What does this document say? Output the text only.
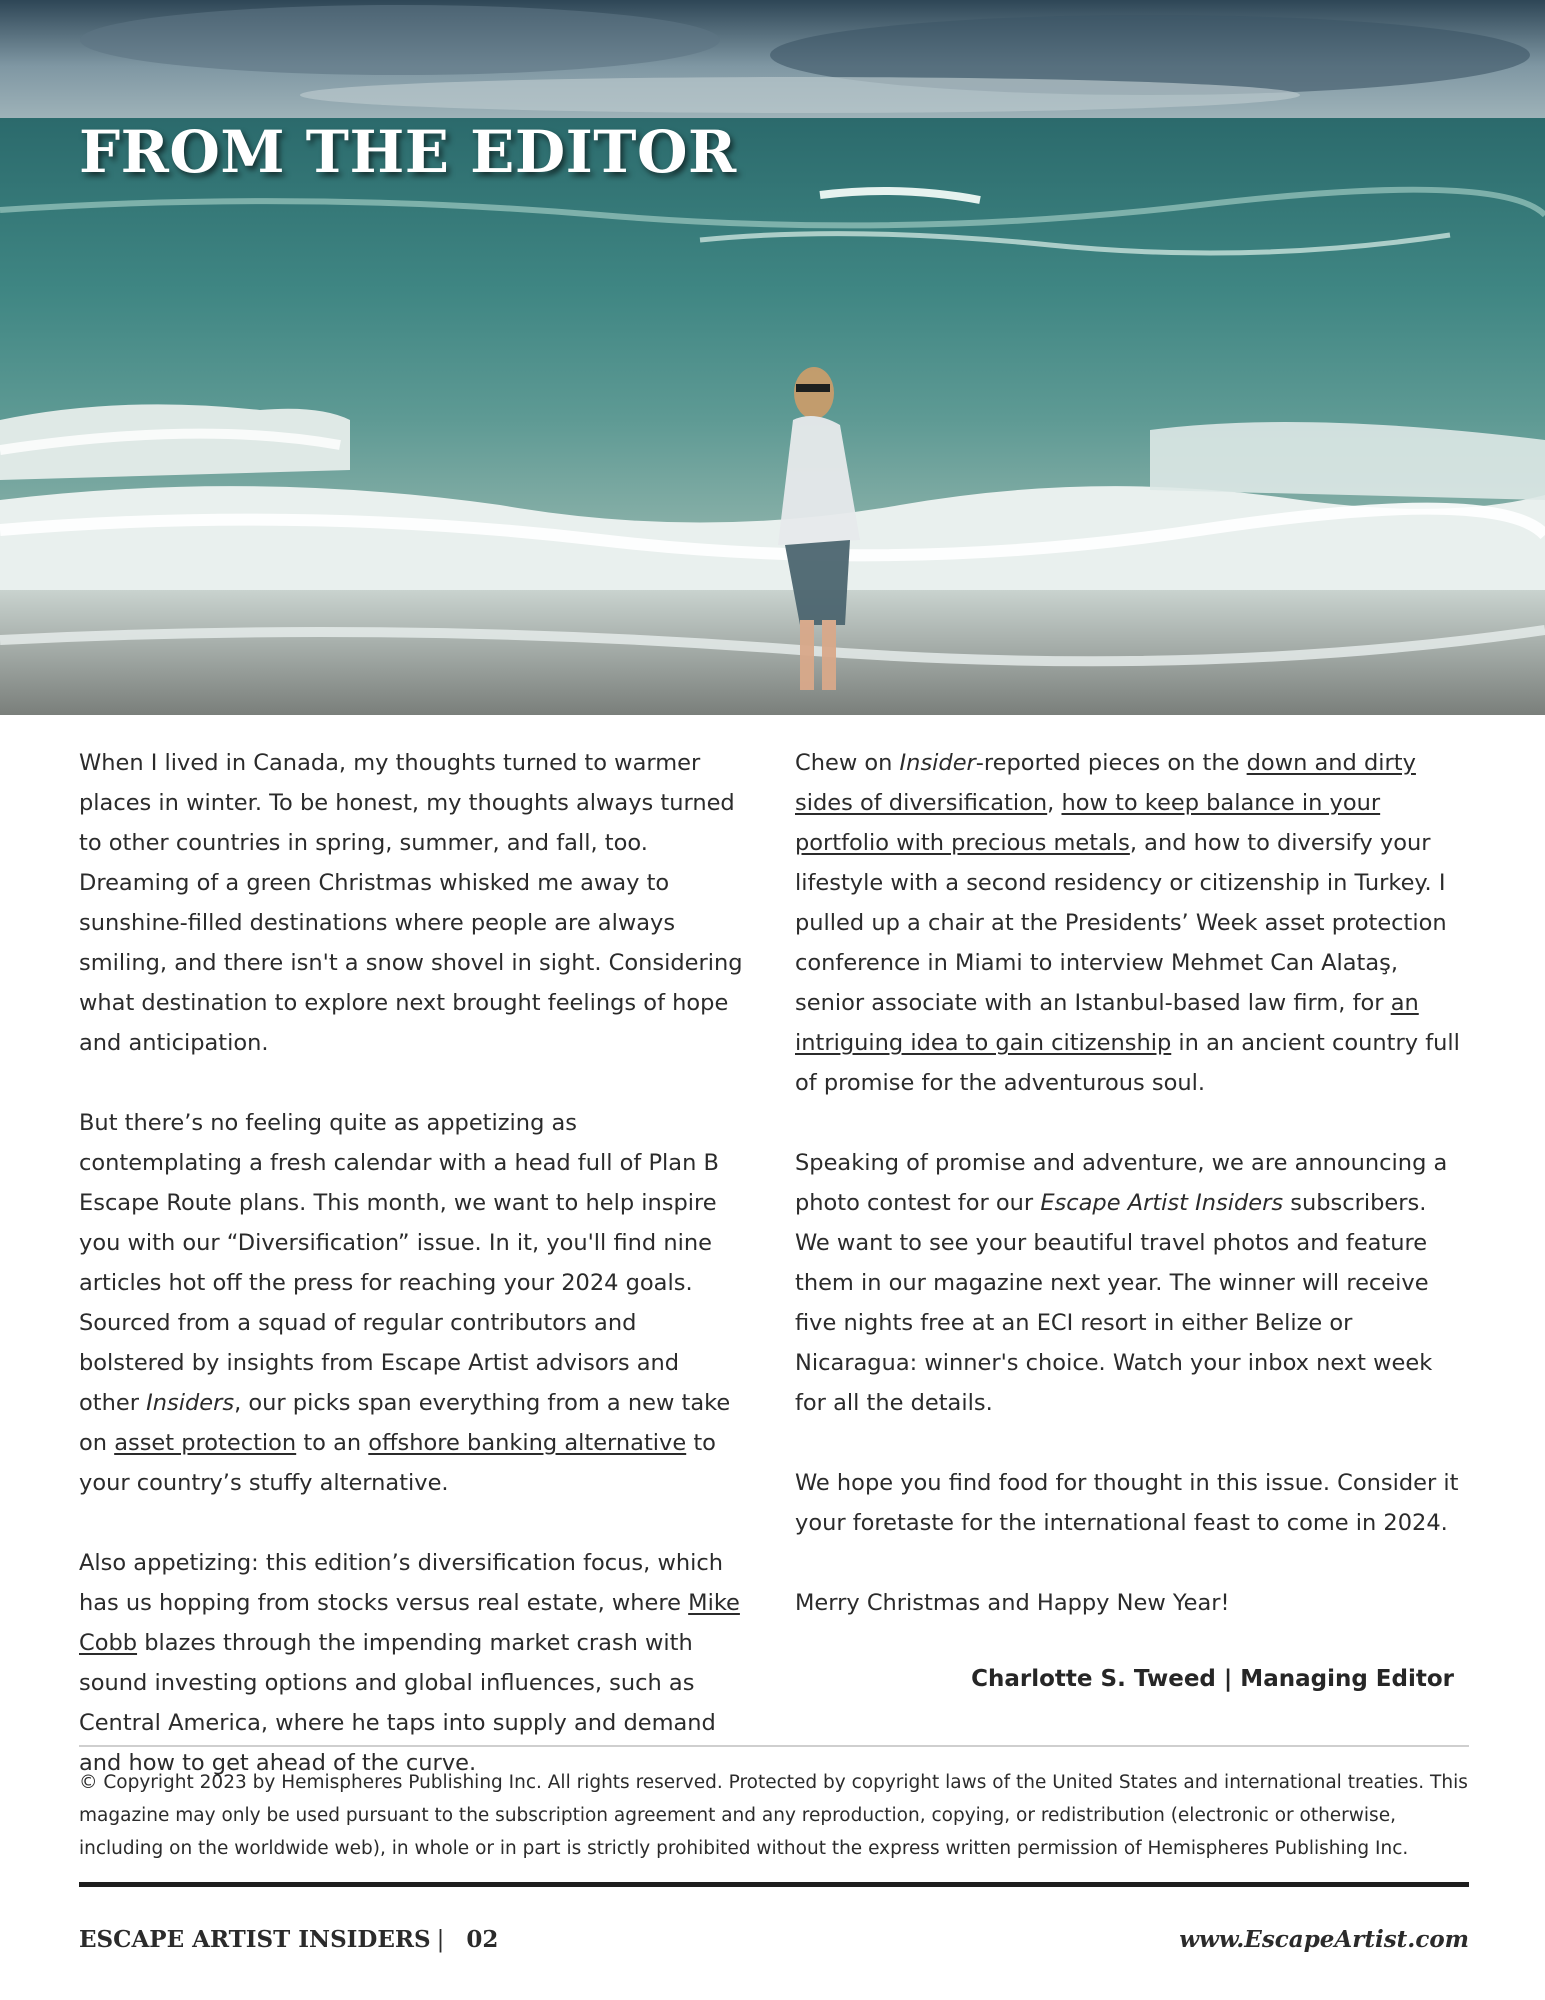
FROM THE EDITOR

When I lived in Canada, my thoughts turned to warmer places in winter. To be honest, my thoughts always turned to other countries in spring, summer, and fall, too. Dreaming of a green Christmas whisked me away to sunshine-filled destinations where people are always smiling, and there isn't a snow shovel in sight. Considering what destination to explore next brought feelings of hope and anticipation.

But there’s no feeling quite as appetizing as contemplating a fresh calendar with a head full of Plan B Escape Route plans. This month, we want to help inspire you with our “Diversification” issue. In it, you'll find nine articles hot off the press for reaching your 2024 goals. Sourced from a squad of regular contributors and bolstered by insights from Escape Artist advisors and other Insiders, our picks span everything from a new take on asset protection to an offshore banking alternative to your country’s stuffy alternative.

Also appetizing: this edition’s diversification focus, which has us hopping from stocks versus real estate, where Mike Cobb blazes through the impending market crash with sound investing options and global influences, such as Central America, where he taps into supply and demand and how to get ahead of the curve.

Chew on Insider-reported pieces on the down and dirty sides of diversification, how to keep balance in your portfolio with precious metals, and how to diversify your lifestyle with a second residency or citizenship in Turkey. I pulled up a chair at the Presidents’ Week asset protection conference in Miami to interview Mehmet Can Alataş, senior associate with an Istanbul-based law firm, for an intriguing idea to gain citizenship in an ancient country full of promise for the adventurous soul.

Speaking of promise and adventure, we are announcing a photo contest for our Escape Artist Insiders subscribers. We want to see your beautiful travel photos and feature them in our magazine next year. The winner will receive five nights free at an ECI resort in either Belize or Nicaragua: winner's choice. Watch your inbox next week for all the details.

We hope you find food for thought in this issue. Consider it your foretaste for the international feast to come in 2024.

Merry Christmas and Happy New Year!

Charlotte S. Tweed | Managing Editor
© Copyright 2023 by Hemispheres Publishing Inc. All rights reserved. Protected by copyright laws of the United States and international treaties. This magazine may only be used pursuant to the subscription agreement and any reproduction, copying, or redistribution (electronic or otherwise, including on the worldwide web), in whole or in part is strictly prohibited without the express written permission of Hemispheres Publishing Inc.
ESCAPE ARTIST INSIDERS | 02	www.EscapeArtist.com
